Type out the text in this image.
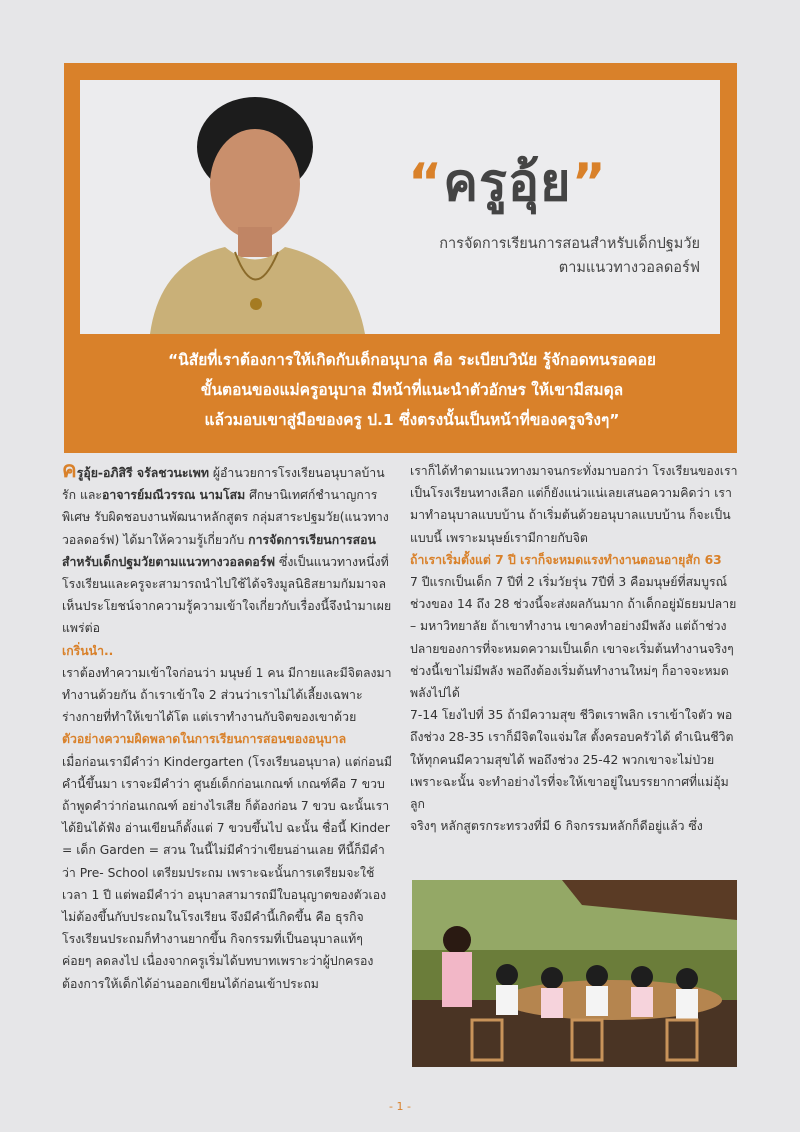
“ครูอุ้ย”
การจัดการเรียนการสอนสำหรับเด็กปฐมวัย
ตามแนวทางวอลดอร์ฟ
“นิสัยที่เราต้องการให้เกิดกับเด็กอนุบาล คือ ระเบียบวินัย รู้จักอดทนรอคอย
ขั้นตอนของแม่ครูอนุบาล มีหน้าที่แนะนำตัวอักษร ให้เขามีสมดุล
แล้วมอบเขาสู่มือของครู ป.1 ซึ่งตรงนั้นเป็นหน้าที่ของครูจริงๆ”

ครูอุ้ย-อภิสิรี จรัลชวนะเพท ผู้อำนวยการโรงเรียนอนุบาลบ้านรัก และอาจารย์มณีวรรณ นามโสม ศึกษานิเทศก์ชำนาญการพิเศษ รับผิดชอบงานพัฒนาหลักสูตร กลุ่มสาระปฐมวัย(แนวทางวอลดอร์ฟ) ได้มาให้ความรู้เกี่ยวกับ การจัดการเรียนการสอนสำหรับเด็กปฐมวัยตามแนวทางวอลดอร์ฟ ซึ่งเป็นแนวทางหนึ่งที่โรงเรียนและครูจะสามารถนำไปใช้ได้จริงมูลนิธิสยามกัมมาจลเห็นประโยชน์จากความรู้ความเข้าใจเกี่ยวกับเรื่องนี้จึงนำมาเผยแพร่ต่อ

เกริ่นนำ..

เราต้องทำความเข้าใจก่อนว่า มนุษย์ 1 คน มีกายและมีจิตลงมาทำงานด้วยกัน ถ้าเราเข้าใจ 2 ส่วนว่าเราไม่ได้เลี้ยงเฉพาะร่างกายที่ทำให้เขาได้โต แต่เราทำงานกับจิตของเขาด้วย

ตัวอย่างความผิดพลาดในการเรียนการสอนของอนุบาล

เมื่อก่อนเรามีคำว่า Kindergarten (โรงเรียนอนุบาล) แต่ก่อนมีคำนี้ขึ้นมา เราจะมีคำว่า ศูนย์เด็กก่อนเกณฑ์ เกณฑ์คือ 7 ขวบ ถ้าพูดคำว่าก่อนเกณฑ์ อย่างไรเสีย ก็ต้องก่อน 7 ขวบ ฉะนั้นเราได้ยินได้ฟัง อ่านเขียนก็ตั้งแต่ 7 ขวบขึ้นไป ฉะนั้น ชื่อนี้ Kinder = เด็ก Garden = สวน ในนี้ไม่มีคำว่าเขียนอ่านเลย ทีนี้ก็มีคำว่า Pre- School เตรียมประถม เพราะฉะนั้นการเตรียมจะใช้เวลา 1 ปี แต่พอมีคำว่า อนุบาลสามารถมีใบอนุญาตของตัวเอง ไม่ต้องขึ้นกับประถมในโรงเรียน จึงมีคำนี้เกิดขึ้น คือ ธุรกิจ โรงเรียนประถมก็ทำงานยากขึ้น กิจกรรมที่เป็นอนุบาลแท้ๆ ค่อยๆ ลดลงไป เนื่องจากครูเริ่มได้บทบาทเพราะว่าผู้ปกครองต้องการให้เด็กได้อ่านออกเขียนได้ก่อนเข้าประถม

เราก็ได้ทำตามแนวทางมาจนกระทั่งมาบอกว่า โรงเรียนของเราเป็นโรงเรียนทางเลือก แต่ก็ยังแน่วแน่เลยเสนอความคิดว่า เรามาทำอนุบาลแบบบ้าน ถ้าเริ่มต้นด้วยอนุบาลแบบบ้าน ก็จะเป็นแบบนี้ เพราะมนุษย์เรามีกายกับจิต

ถ้าเราเริ่มตั้งแต่ 7 ปี เราก็จะหมดแรงทำงานตอนอายุสัก 63

7 ปีแรกเป็นเด็ก 7 ปีที่ 2 เริ่มวัยรุ่น 7ปีที่ 3 คือมนุษย์ที่สมบูรณ์ ช่วงของ 14 ถึง 28 ช่วงนี้จะส่งผลกันมาก ถ้าเด็กอยู่มัธยมปลาย – มหาวิทยาลัย ถ้าเขาทำงาน เขาคงทำอย่างมีพลัง แต่ถ้าช่วงปลายของการที่จะหมดความเป็นเด็ก เขาจะเริ่มต้นทำงานจริงๆ ช่วงนี้เขาไม่มีพลัง พอถึงต้องเริ่มต้นทำงานใหม่ๆ ก็อาจจะหมดพลังไปได้

7-14 โยงไปที่ 35 ถ้ามีความสุข ชีวิตเราพลิก เราเข้าใจตัว พอถึงช่วง 28-35 เราก็มีจิตใจแจ่มใส ตั้งครอบครัวได้ ดำเนินชีวิตให้ทุกคนมีความสุขได้ พอถึงช่วง 25-42 พวกเขาจะไม่ป่วย เพราะฉะนั้น จะทำอย่างไรที่จะให้เขาอยู่ในบรรยากาศที่แม่อุ้มลูก

จริงๆ หลักสูตรกระทรวงที่มี 6 กิจกรรมหลักก็ดีอยู่แล้ว ซึ่ง

- 1 -
